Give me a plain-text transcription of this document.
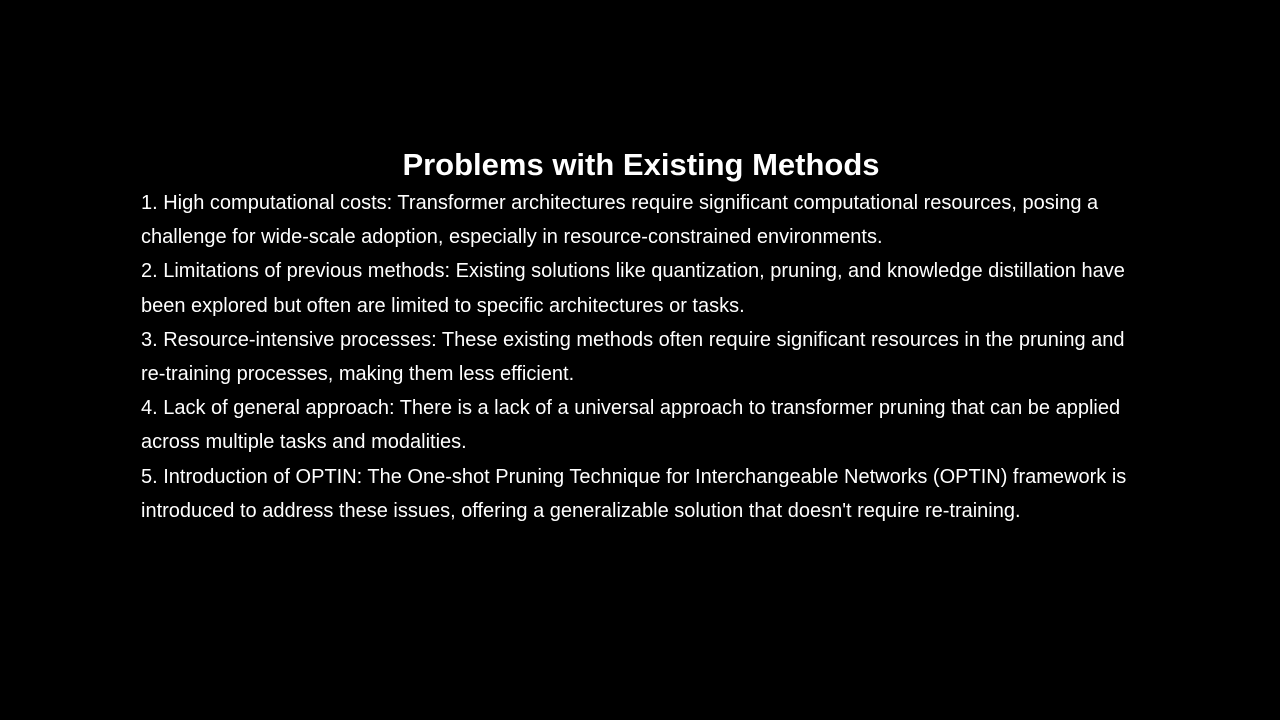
Problems with Existing Methods

1. High computational costs: Transformer architectures require significant computational resources, posing a challenge for wide-scale adoption, especially in resource-constrained environments.

2. Limitations of previous methods: Existing solutions like quantization, pruning, and knowledge distillation have been explored but often are limited to specific architectures or tasks.

3. Resource-intensive processes: These existing methods often require significant resources in the pruning and re-training processes, making them less efficient.

4. Lack of general approach: There is a lack of a universal approach to transformer pruning that can be applied across multiple tasks and modalities.

5. Introduction of OPTIN: The One-shot Pruning Technique for Interchangeable Networks (OPTIN) framework is introduced to address these issues, offering a generalizable solution that doesn't require re-training.
